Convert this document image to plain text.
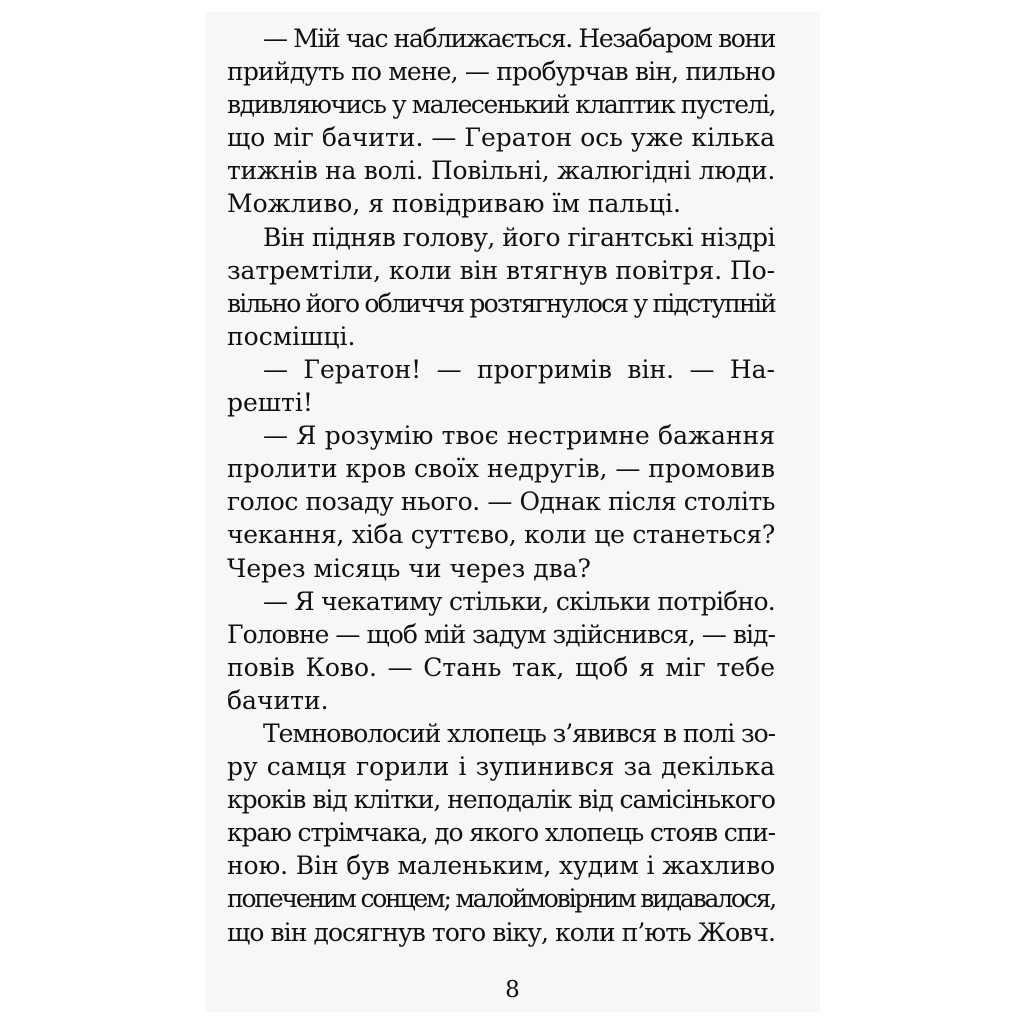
— Мій час наближається. Незабаром вони
прийдуть по мене, — пробурчав він, пильно
вдивляючись у малесенький клаптик пустелі,
що міг бачити. — Гератон ось уже кілька
тижнів на волі. Повільні, жалюгідні люди.
Можливо, я повідриваю їм пальці.
Він підняв голову, його гігантські ніздрі
затремтіли, коли він втягнув повітря. По-
вільно його обличчя розтягнулося у підступній
посмішці.
— Гератон! — прогримів він. — На-
решті!
— Я розумію твоє нестримне бажання
пролити кров своїх недругів, — промовив
голос позаду нього. — Однак після століть
чекання, хіба суттєво, коли це станеться?
Через місяць чи через два?
— Я чекатиму стільки, скільки потрібно.
Головне — щоб мій задум здійснився, — від-
повів Ково. — Стань так, щоб я міг тебе
бачити.
Темноволосий хлопець з’явився в полі зо-
ру самця горили і зупинився за декілька
кроків від клітки, неподалік від самісінького
краю стрімчака, до якого хлопець стояв спи-
ною. Він був маленьким, худим і жахливо
попеченим сонцем; малоймовірним видавалося,
що він досягнув того віку, коли п’ють Жовч.
8
